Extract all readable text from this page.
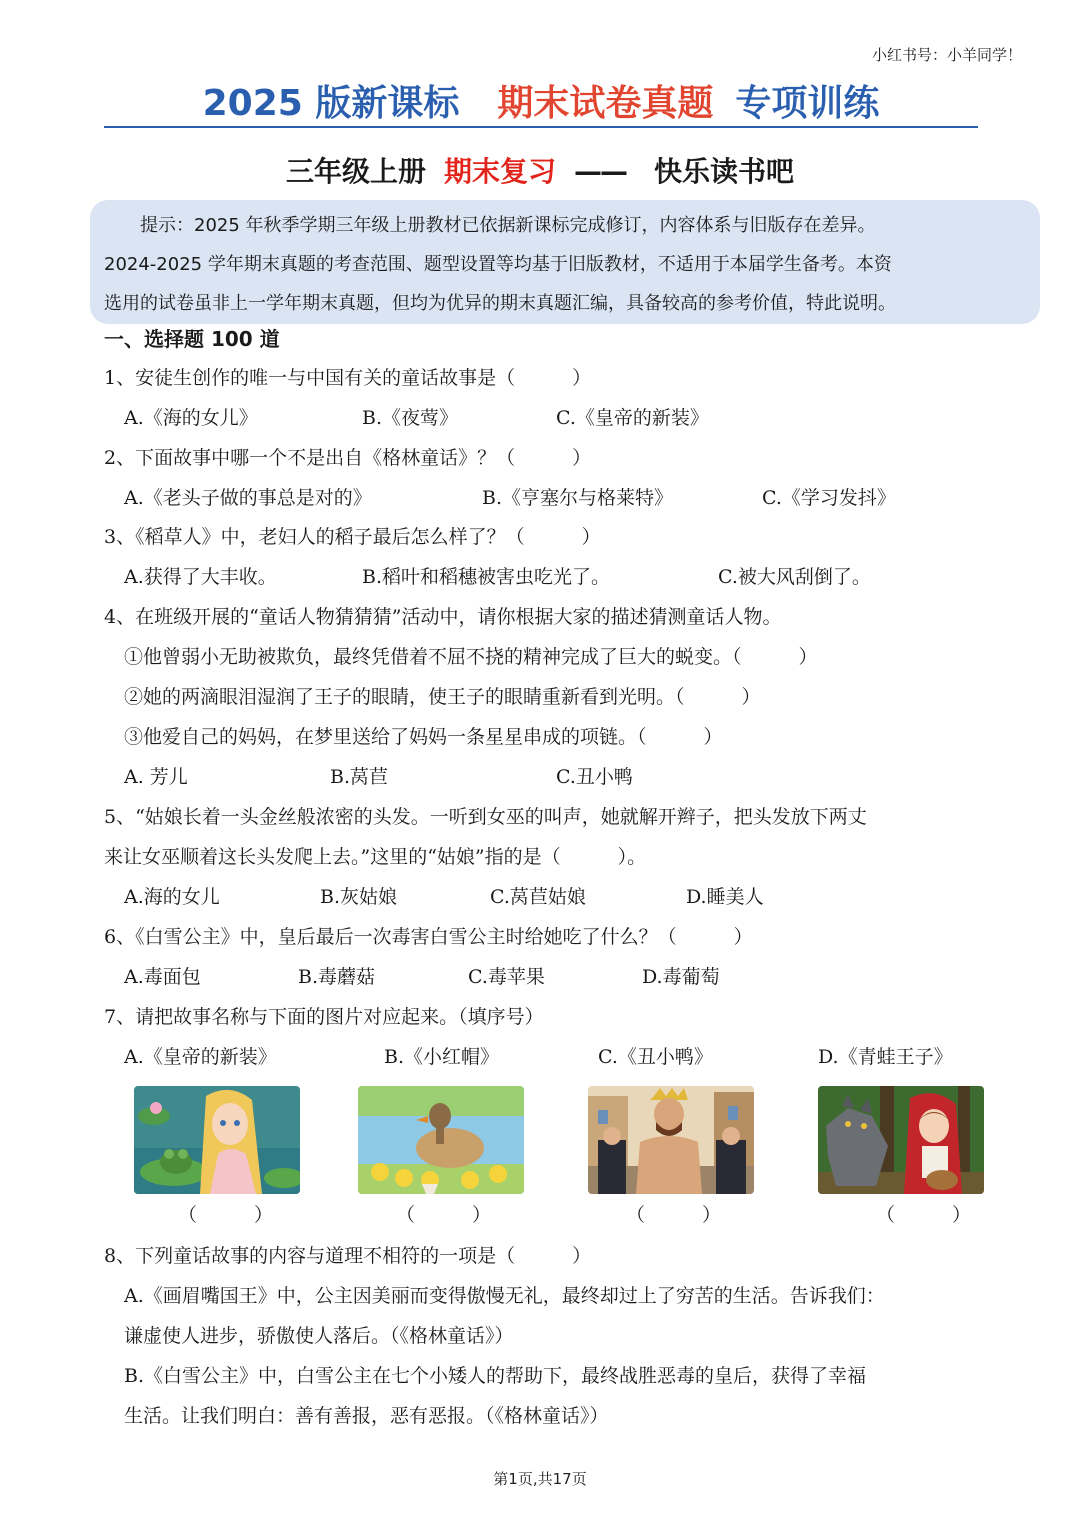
小红书号：小羊同学！
2025 版新课标 期末试卷真题 专项训练
三年级上册 期末复习 —— 快乐读书吧

提示：2025 年秋季学期三年级上册教材已依据新课标完成修订，内容体系与旧版存在差异。

2024-2025 学年期末真题的考查范围、题型设置等均基于旧版教材，不适用于本届学生备考。本资

选用的试卷虽非上一学年期末真题，但均为优异的期末真题汇编，具备较高的参考价值，特此说明。

一、选择题 100 道
1、安徒生创作的唯一与中国有关的童话故事是（　　　）
A.《海的女儿》	B.《夜莺》	C.《皇帝的新装》
2、下面故事中哪一个不是出自《格林童话》？（　　　）
A.《老头子做的事总是对的》	B.《亨塞尔与格莱特》	C.《学习发抖》
3、《稻草人》中，老妇人的稻子最后怎么样了？（　　　）
A.获得了大丰收。	B.稻叶和稻穗被害虫吃光了。	C.被大风刮倒了。
4、在班级开展的“童话人物猜猜猜”活动中，请你根据大家的描述猜测童话人物。
①他曾弱小无助被欺负，最终凭借着不屈不挠的精神完成了巨大的蜕变。（　　　）
②她的两滴眼泪湿润了王子的眼睛，使王子的眼睛重新看到光明。（　　　）
③他爱自己的妈妈，在梦里送给了妈妈一条星星串成的项链。（　　　）
A. 芳儿	B.莴苣	C.丑小鸭
5、“姑娘长着一头金丝般浓密的头发。一听到女巫的叫声，她就解开辫子，把头发放下两丈
来让女巫顺着这长头发爬上去。”这里的“姑娘”指的是（　　　）。
A.海的女儿	B.灰姑娘	C.莴苣姑娘	D.睡美人
6、《白雪公主》中，皇后最后一次毒害白雪公主时给她吃了什么？（　　　）
A.毒面包	B.毒蘑菇	C.毒苹果	D.毒葡萄
7、请把故事名称与下面的图片对应起来。（填序号）
A.《皇帝的新装》	B.《小红帽》	C.《丑小鸭》	D.《青蛙王子》
（　　　）	（　　　）	（　　　）	（　　　）
8、下列童话故事的内容与道理不相符的一项是（　　　）
A.《画眉嘴国王》中，公主因美丽而变得傲慢无礼，最终却过上了穷苦的生活。告诉我们：
谦虚使人进步，骄傲使人落后。（《格林童话》）
B.《白雪公主》中，白雪公主在七个小矮人的帮助下，最终战胜恶毒的皇后，获得了幸福
生活。让我们明白：善有善报，恶有恶报。（《格林童话》）
第1页,共17页
